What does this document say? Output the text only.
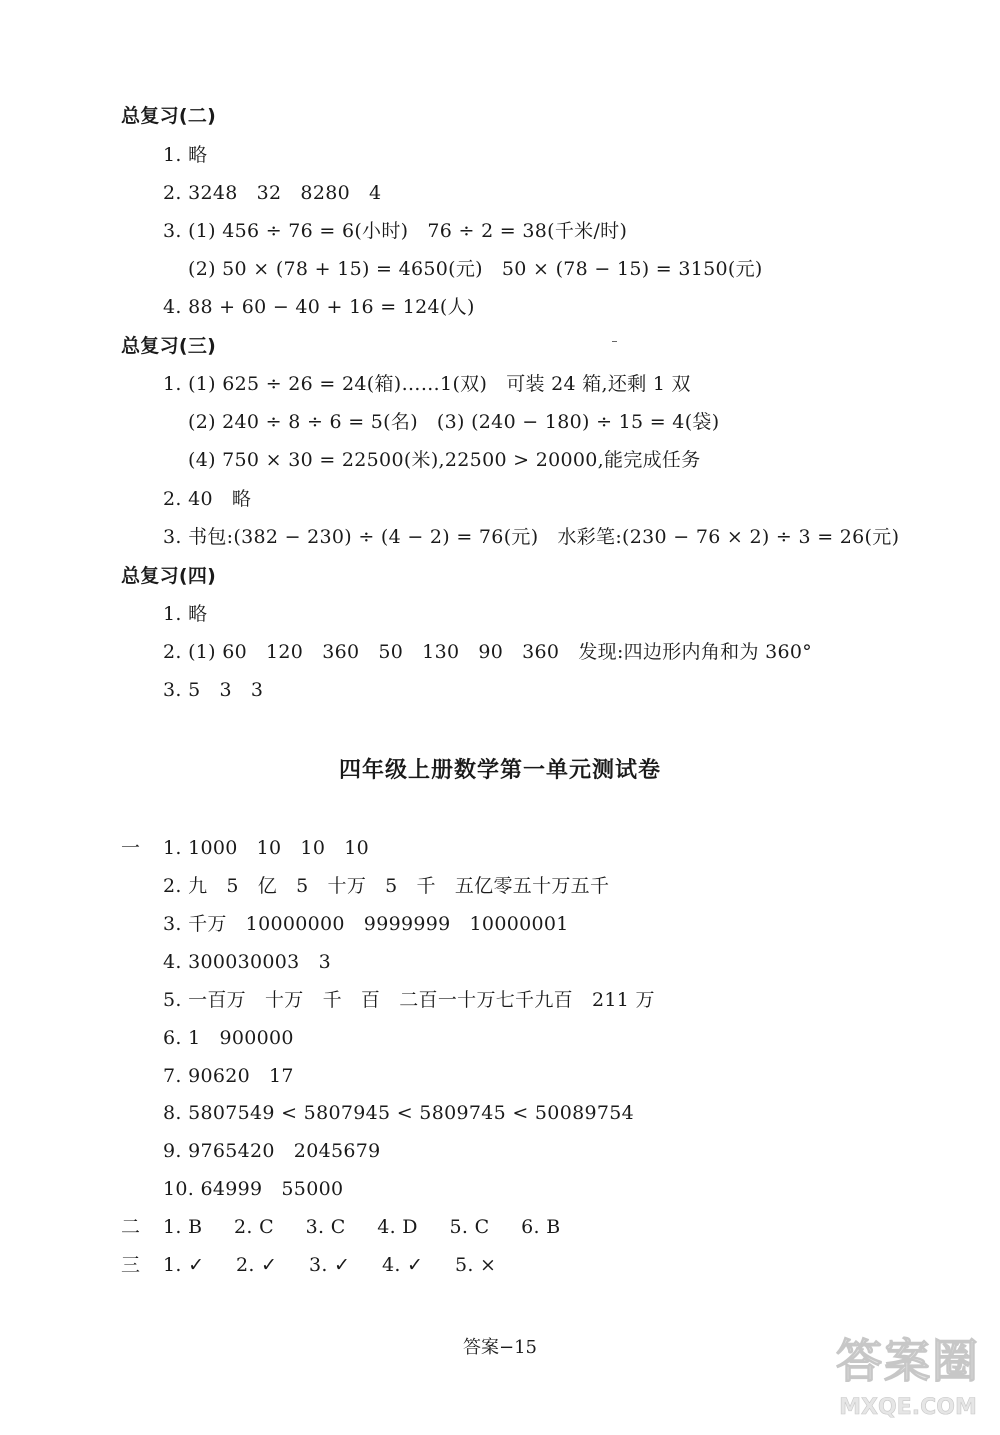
总复习(二)
1. 略
2. 3248   32   8280   4
3. (1) 456 ÷ 76 = 6(小时)   76 ÷ 2 = 38(千米/时)
(2) 50 × (78 + 15) = 4650(元)   50 × (78 − 15) = 3150(元)
4. 88 + 60 − 40 + 16 = 124(人)
总复习(三)
1. (1) 625 ÷ 26 = 24(箱)……1(双)   可装 24 箱,还剩 1 双
(2) 240 ÷ 8 ÷ 6 = 5(名)   (3) (240 − 180) ÷ 15 = 4(袋)
(4) 750 × 30 = 22500(米),22500 > 20000,能完成任务
2. 40   略
3. 书包:(382 − 230) ÷ (4 − 2) = 76(元)   水彩笔:(230 − 76 × 2) ÷ 3 = 26(元)
总复习(四)
1. 略
2. (1) 60   120   360   50   130   90   360   发现:四边形内角和为 360°
3. 5   3   3
四年级上册数学第一单元测试卷
一 1. 1000   10   10   10
2. 九   5   亿   5   十万   5   千   五亿零五十万五千
3. 千万   10000000   9999999   10000001
4. 300030003   3
5. 一百万   十万   千   百   二百一十万七千九百   211 万
6. 1   900000
7. 90620   17
8. 5807549 < 5807945 < 5809745 < 50089754
9. 9765420   2045679
10. 64999   55000
二 1. B     2. C     3. C     4. D     5. C     6. B
三 1. ✓     2. ✓     3. ✓     4. ✓     5. ×
答案−15	答案圈
MXQE.COM
